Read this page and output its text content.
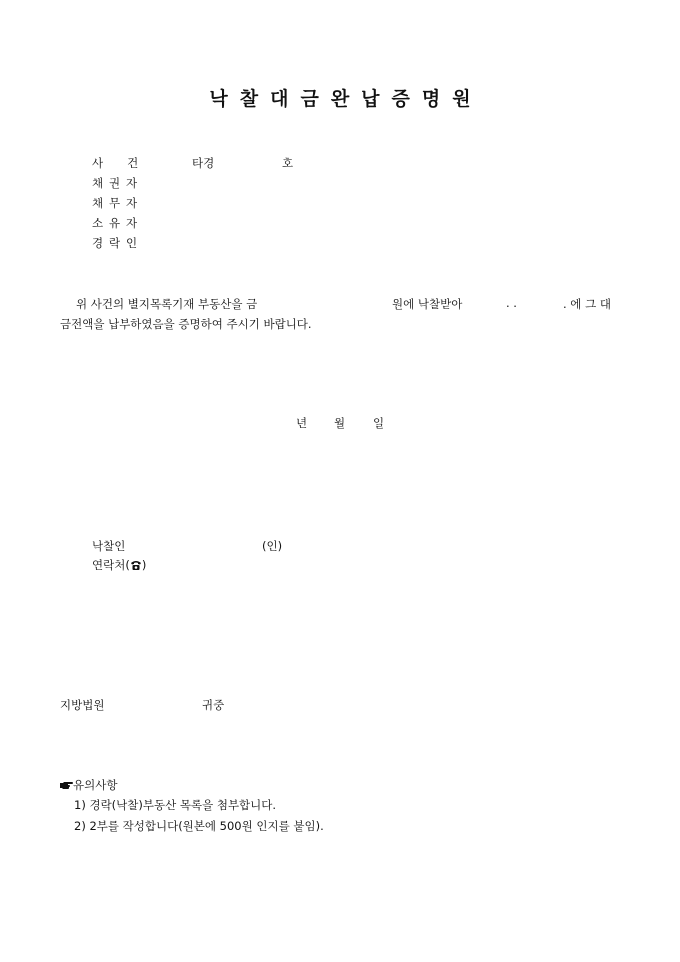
낙 찰 대 금 완 납 증 명 원
사 건	타경	호
채 권 자
채 무 자
소 유 자
경 락 인
위 사건의 별지목록기재 부동산을 금	원에 낙찰받아	. .	. 에 그 대
금전액을 납부하였음을 증명하여 주시기 바랍니다.
년 월 일
낙찰인	(인)
연락처( )
지방법원	귀중
유의사항
1) 경락(낙찰)부동산 목록을 첨부합니다.
2) 2부를 작성합니다(원본에 500원 인지를 붙임).
